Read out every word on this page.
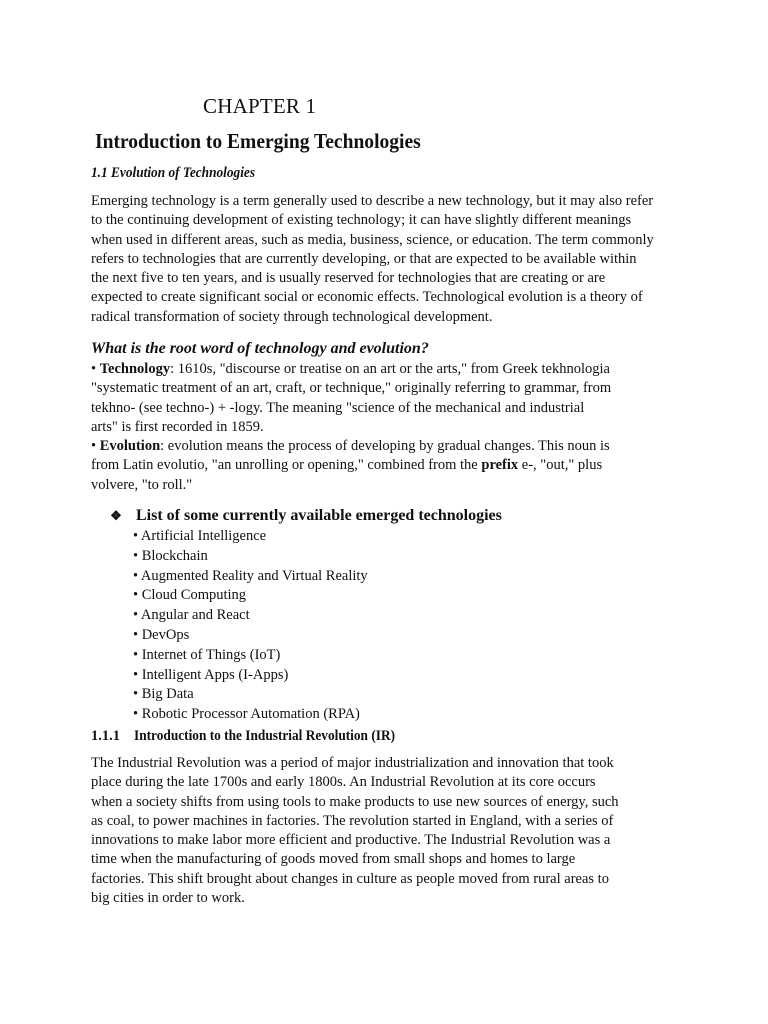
CHAPTER 1
Introduction to Emerging Technologies
1.1 Evolution of Technologies

Emerging technology is a term generally used to describe a new technology, but it may also refer
to the continuing development of existing technology; it can have slightly different meanings
when used in different areas, such as media, business, science, or education. The term commonly
refers to technologies that are currently developing, or that are expected to be available within
the next five to ten years, and is usually reserved for technologies that are creating or are
expected to create significant social or economic effects. Technological evolution is a theory of
radical transformation of society through technological development.

What is the root word of technology and evolution?
• Technology: 1610s, "discourse or treatise on an art or the arts," from Greek tekhnologia
"systematic treatment of an art, craft, or technique," originally referring to grammar, from
tekhno- (see techno-) + -logy. The meaning "science of the mechanical and industrial
arts" is first recorded in 1859.
• Evolution: evolution means the process of developing by gradual changes. This noun is
from Latin evolutio, "an unrolling or opening," combined from the prefix e-, "out," plus
volvere, "to roll."
❖ List of some currently available emerged technologies
• Artificial Intelligence
• Blockchain
• Augmented Reality and Virtual Reality
• Cloud Computing
• Angular and React
• DevOps
• Internet of Things (IoT)
• Intelligent Apps (I-Apps)
• Big Data
• Robotic Processor Automation (RPA)
1.1.1 Introduction to the Industrial Revolution (IR)

The Industrial Revolution was a period of major industrialization and innovation that took
place during the late 1700s and early 1800s. An Industrial Revolution at its core occurs
when a society shifts from using tools to make products to use new sources of energy, such
as coal, to power machines in factories. The revolution started in England, with a series of
innovations to make labor more efficient and productive. The Industrial Revolution was a
time when the manufacturing of goods moved from small shops and homes to large
factories. This shift brought about changes in culture as people moved from rural areas to
big cities in order to work.
